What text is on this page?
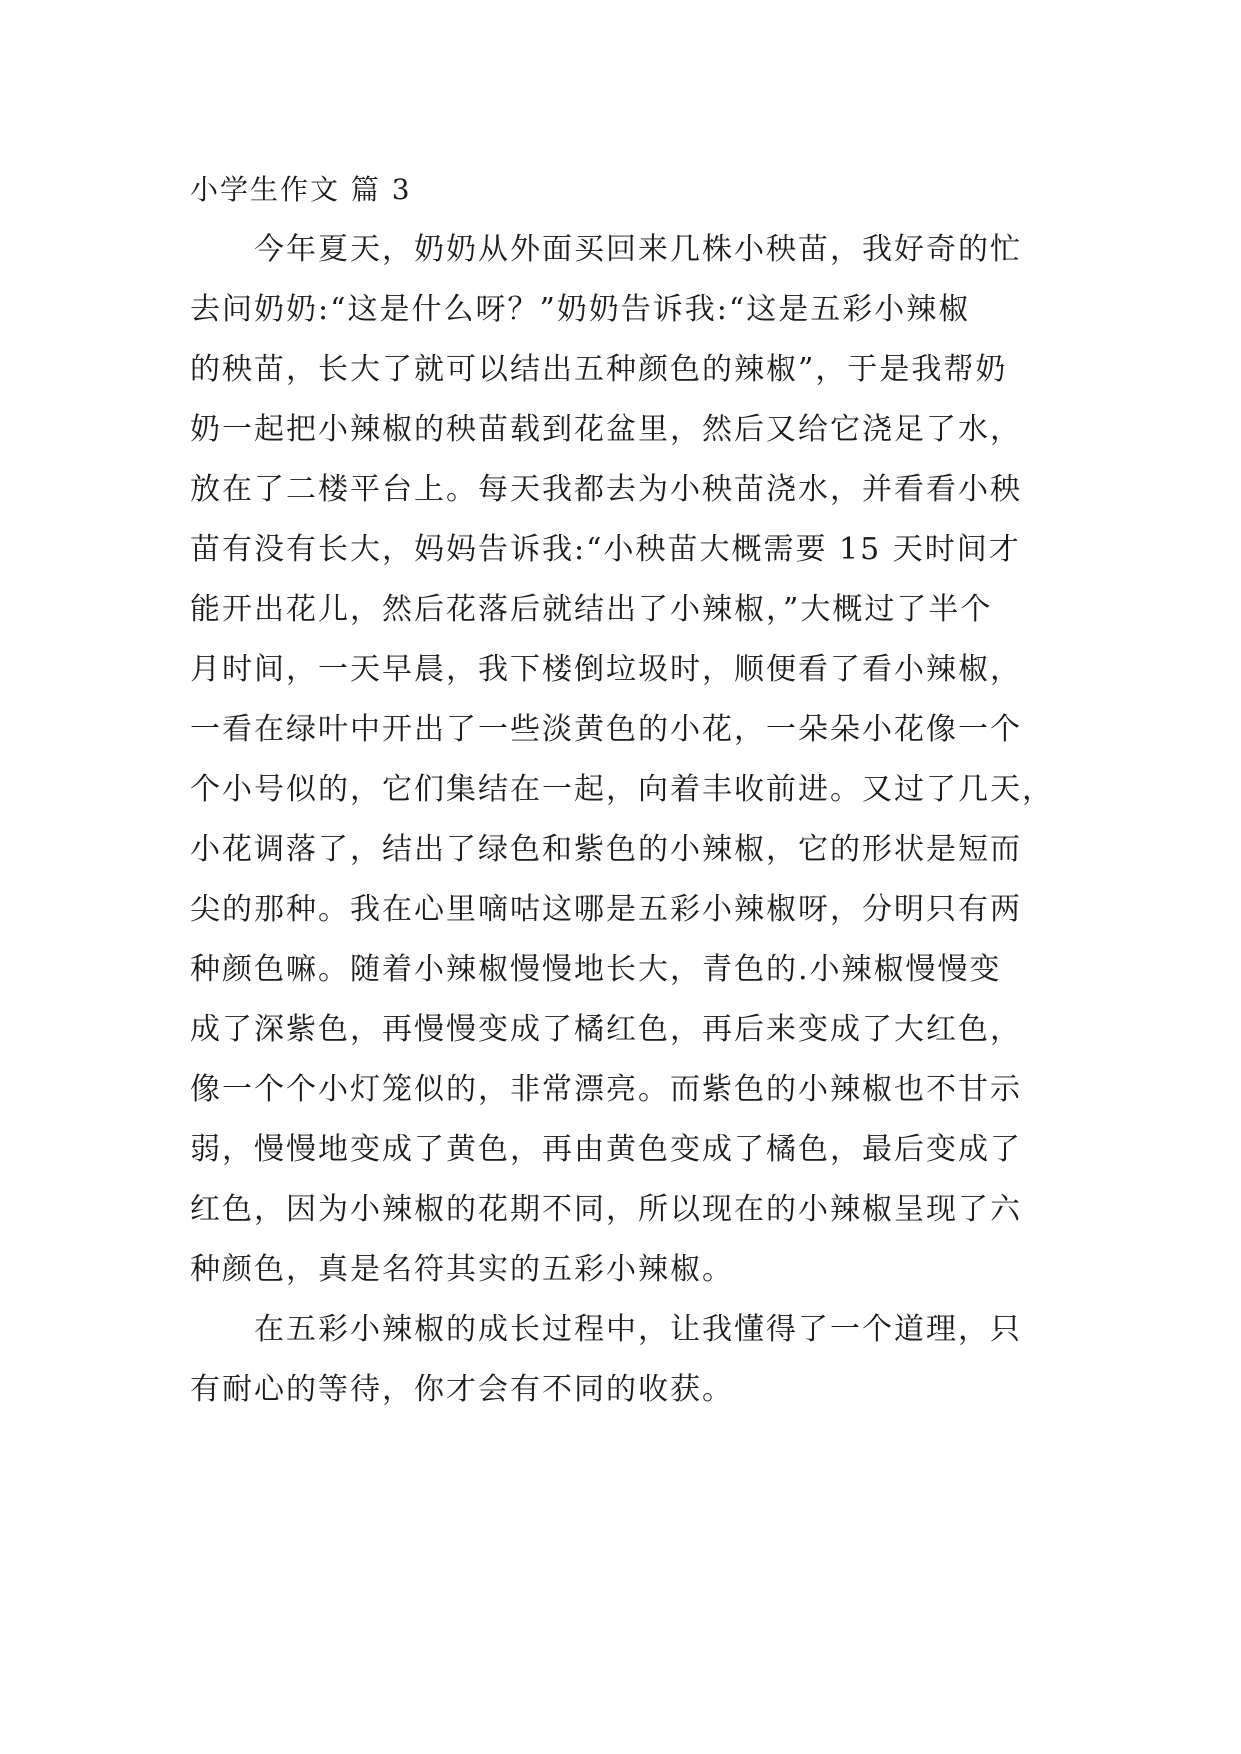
小学生作文 篇 3
今年夏天，奶奶从外面买回来几株小秧苗，我好奇的忙
去问奶奶:“这是什么呀？”奶奶告诉我:“这是五彩小辣椒
的秧苗，长大了就可以结出五种颜色的辣椒”，于是我帮奶
奶一起把小辣椒的秧苗载到花盆里，然后又给它浇足了水，
放在了二楼平台上。每天我都去为小秧苗浇水，并看看小秧
苗有没有长大，妈妈告诉我:“小秧苗大概需要 15 天时间才
能开出花儿，然后花落后就结出了小辣椒，”大概过了半个
月时间，一天早晨，我下楼倒垃圾时，顺便看了看小辣椒，
一看在绿叶中开出了一些淡黄色的小花，一朵朵小花像一个
个小号似的，它们集结在一起，向着丰收前进。又过了几天，
小花调落了，结出了绿色和紫色的小辣椒，它的形状是短而
尖的那种。我在心里嘀咕这哪是五彩小辣椒呀，分明只有两
种颜色嘛。随着小辣椒慢慢地长大，青色的.小辣椒慢慢变
成了深紫色，再慢慢变成了橘红色，再后来变成了大红色，
像一个个小灯笼似的，非常漂亮。而紫色的小辣椒也不甘示
弱，慢慢地变成了黄色，再由黄色变成了橘色，最后变成了
红色，因为小辣椒的花期不同，所以现在的小辣椒呈现了六
种颜色，真是名符其实的五彩小辣椒。
在五彩小辣椒的成长过程中，让我懂得了一个道理，只
有耐心的等待，你才会有不同的收获。
